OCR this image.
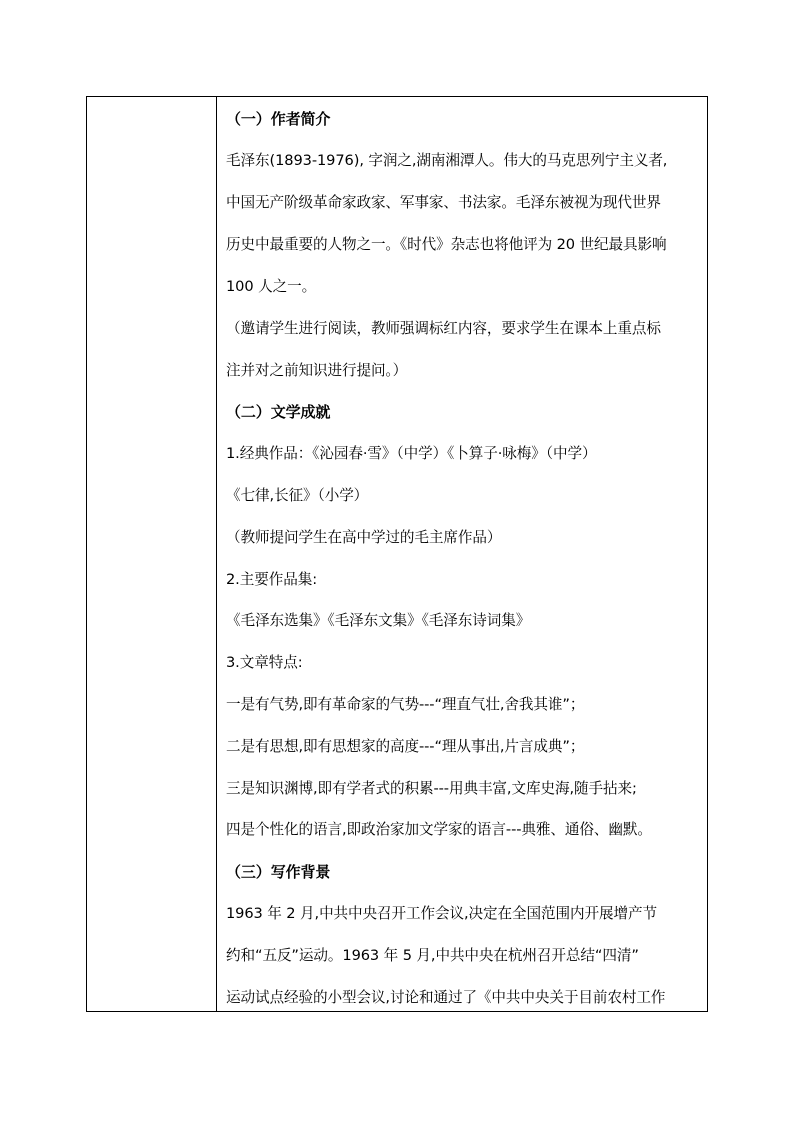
（一）作者简介
毛泽东(1893-1976), 字润之,湖南湘潭人。伟大的马克思列宁主义者,
中国无产阶级革命家政家、军事家、书法家。毛泽东被视为现代世界
历史中最重要的人物之一。《时代》杂志也将他评为 20 世纪最具影响
100 人之一。
（邀请学生进行阅读，教师强调标红内容，要求学生在课本上重点标
注并对之前知识进行提问。）
（二）文学成就
1.经典作品：《沁园春·雪》（中学）《卜算子·咏梅》（中学）
《七律,长征》（小学）
（教师提问学生在高中学过的毛主席作品）
2.主要作品集:
《毛泽东选集》《毛泽东文集》《毛泽东诗词集》
3.文章特点:
一是有气势,即有革命家的气势---“理直气壮,舍我其谁”；
二是有思想,即有思想家的高度---“理从事出,片言成典”；
三是知识渊博,即有学者式的积累---用典丰富,文库史海,随手拈来;
四是个性化的语言,即政治家加文学家的语言---典雅、通俗、幽默。
（三）写作背景
1963 年 2 月,中共中央召开工作会议,决定在全国范围内开展增产节
约和“五反”运动。1963 年 5 月,中共中央在杭州召开总结“四清”
运动试点经验的小型会议,讨论和通过了《中共中央关于目前农村工作
